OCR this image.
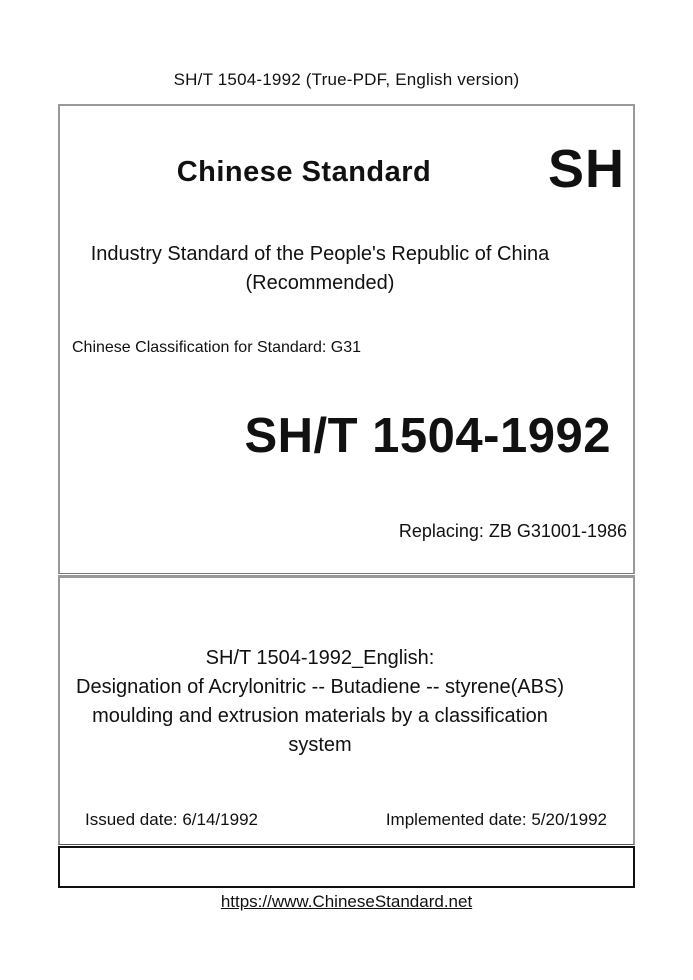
SH/T 1504-1992 (True-PDF, English version)
Chinese Standard	SH
Industry Standard of the People's Republic of China
(Recommended)
Chinese Classification for Standard: G31
SH/T 1504-1992
Replacing: ZB G31001-1986
SH/T 1504-1992_English:
Designation of Acrylonitric -- Butadiene -- styrene(ABS)
moulding and extrusion materials by a classification system
Issued date: 6/14/1992	Implemented date: 5/20/1992
https://www.ChineseStandard.net
